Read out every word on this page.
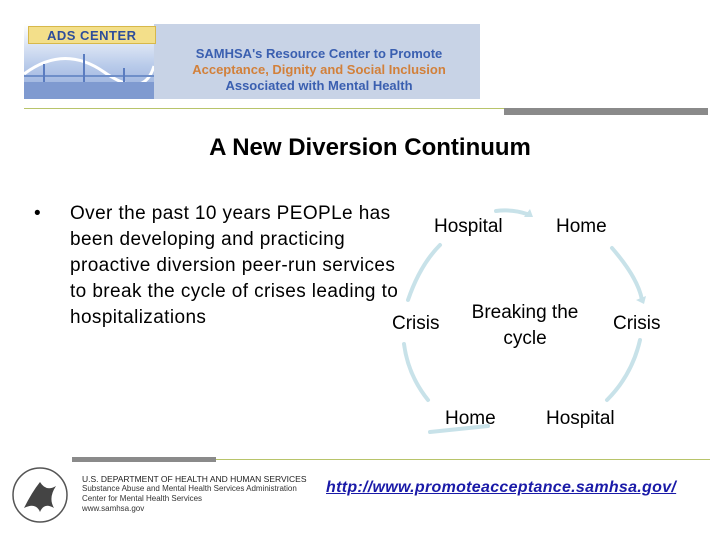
ADS CENTER
SAMHSA's Resource Center to Promote
Acceptance, Dignity and Social Inclusion
Associated with Mental Health
A New Diversion Continuum
• Over the past 10 years PEOPLe has been developing and practicing proactive diversion peer-run services to break the cycle of crises leading to hospitalizations
Hospital	Home
Crisis
Breaking the cycle
Crisis
Home	Hospital
U.S. DEPARTMENT OF HEALTH AND HUMAN SERVICES
Substance Abuse and Mental Health Services Administration
Center for Mental Health Services
www.samhsa.gov
http://www.promoteacceptance.samhsa.gov/
